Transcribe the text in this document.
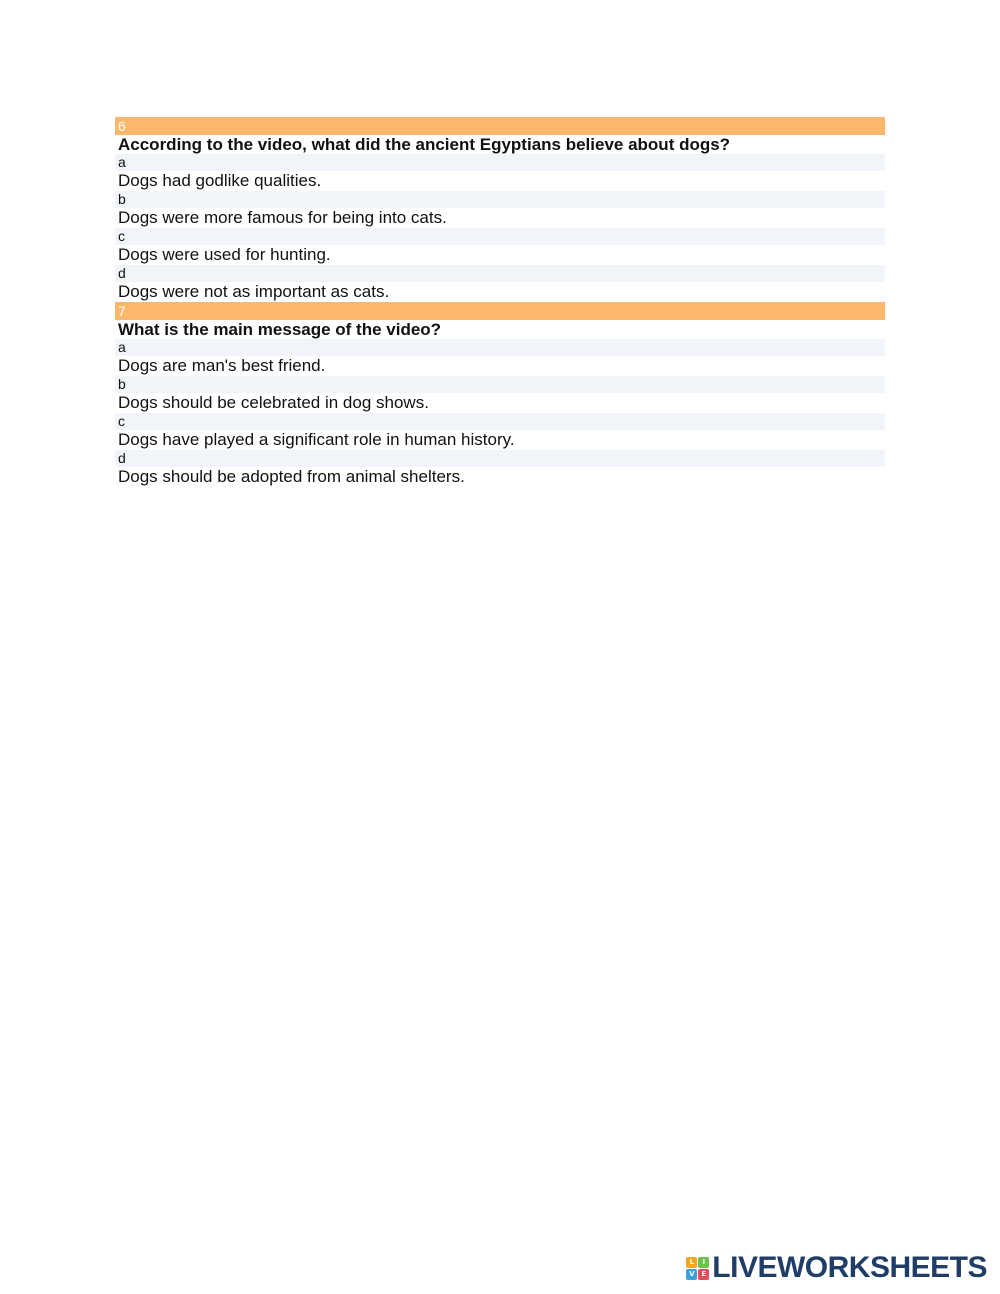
6
According to the video, what did the ancient Egyptians believe about dogs?
a
Dogs had godlike qualities.
b
Dogs were more famous for being into cats.
c
Dogs were used for hunting.
d
Dogs were not as important as cats.
7
What is the main message of the video?
a
Dogs are man's best friend.
b
Dogs should be celebrated in dog shows.
c
Dogs have played a significant role in human history.
d
Dogs should be adopted from animal shelters.
L	I
V E LIVEWORKSHEETS
